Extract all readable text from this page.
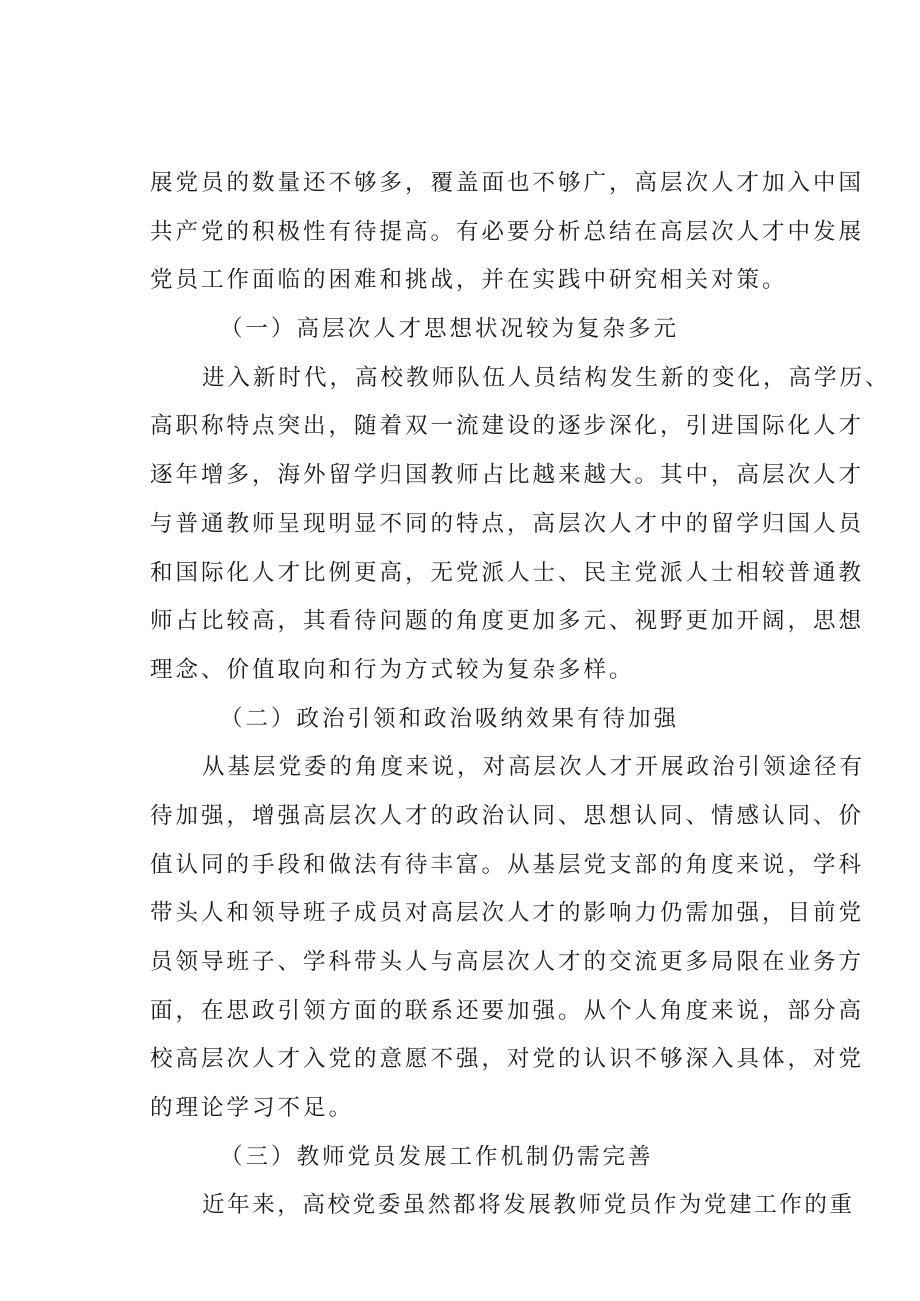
展党员的数量还不够多，覆盖面也不够广，高层次人才加入中国
共产党的积极性有待提高。有必要分析总结在高层次人才中发展
党员工作面临的困难和挑战，并在实践中研究相关对策。
（一）高层次人才思想状况较为复杂多元
进入新时代，高校教师队伍人员结构发生新的变化，高学历、
高职称特点突出，随着双一流建设的逐步深化，引进国际化人才
逐年增多，海外留学归国教师占比越来越大。其中，高层次人才
与普通教师呈现明显不同的特点，高层次人才中的留学归国人员
和国际化人才比例更高，无党派人士、民主党派人士相较普通教
师占比较高，其看待问题的角度更加多元、视野更加开阔，思想
理念、价值取向和行为方式较为复杂多样。
（二）政治引领和政治吸纳效果有待加强
从基层党委的角度来说，对高层次人才开展政治引领途径有
待加强，增强高层次人才的政治认同、思想认同、情感认同、价
值认同的手段和做法有待丰富。从基层党支部的角度来说，学科
带头人和领导班子成员对高层次人才的影响力仍需加强，目前党
员领导班子、学科带头人与高层次人才的交流更多局限在业务方
面，在思政引领方面的联系还要加强。从个人角度来说，部分高
校高层次人才入党的意愿不强，对党的认识不够深入具体，对党
的理论学习不足。
（三）教师党员发展工作机制仍需完善
近年来，高校党委虽然都将发展教师党员作为党建工作的重
